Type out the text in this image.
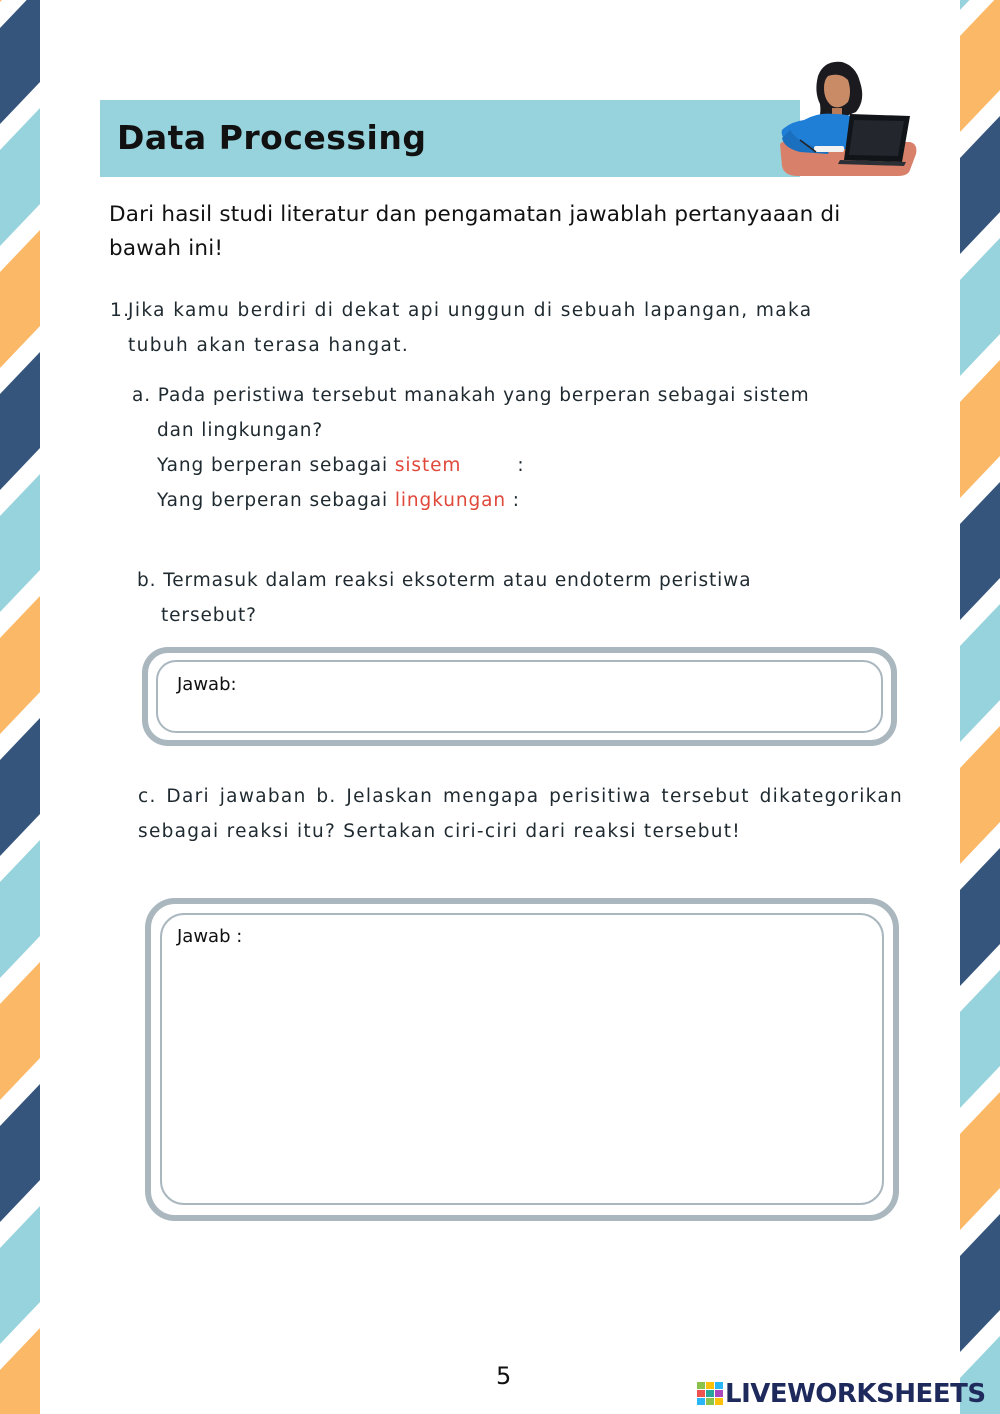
Data Processing
Dari hasil studi literatur dan pengamatan jawablah pertanyaaan di bawah ini!
1.Jika kamu berdiri di dekat api unggun di sebuah lapangan, maka
tubuh akan terasa hangat.
a. Pada peristiwa tersebut manakah yang berperan sebagai sistem
dan lingkungan?
Yang berperan sebagai sistem	:
Yang berperan sebagai lingkungan :
b. Termasuk dalam reaksi eksoterm atau endoterm peristiwa
tersebut?
Jawab:
c. Dari jawaban b. Jelaskan mengapa perisitiwa tersebut dikategorikan sebagai reaksi itu? Sertakan ciri-ciri dari reaksi tersebut!
Jawab :
5
LIVEWORKSHEETS
